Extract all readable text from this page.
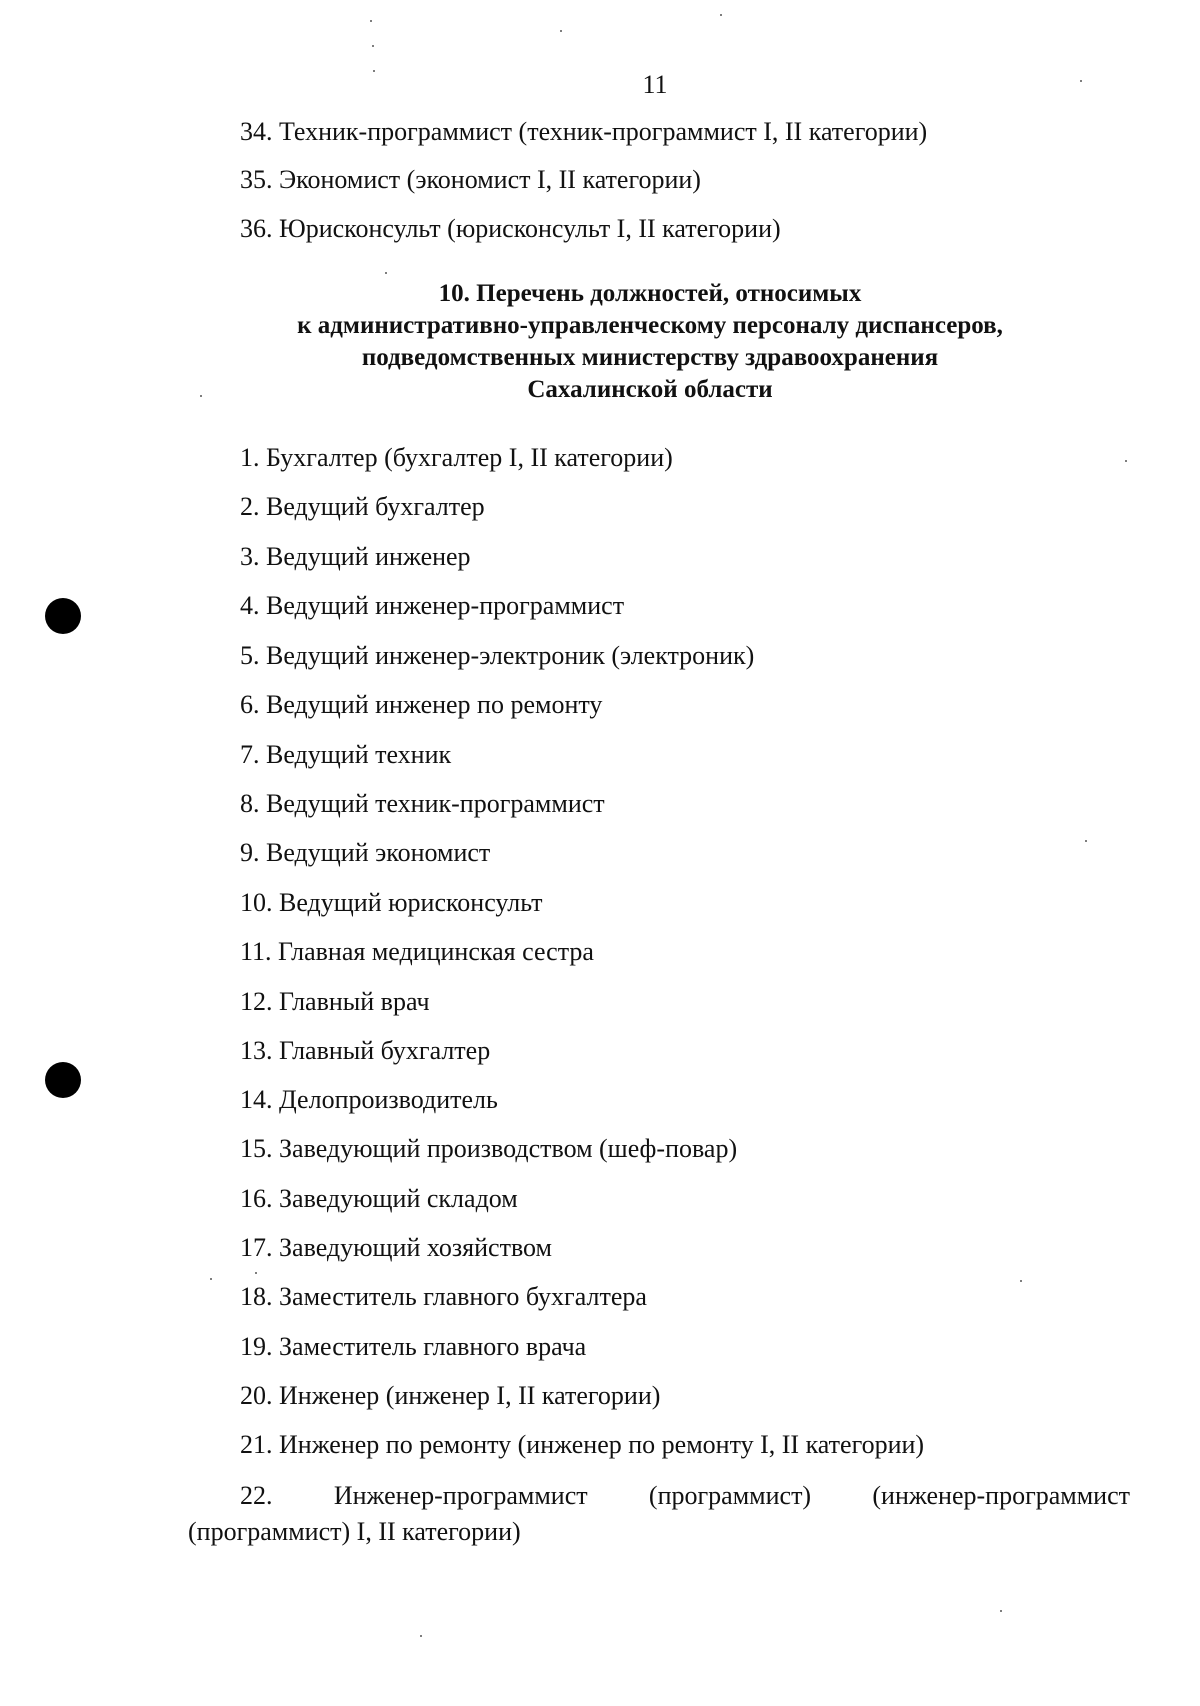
11
34. Техник-программист (техник-программист I, II категории)
35. Экономист (экономист I, II категории)
36. Юрисконсульт (юрисконсульт I, II категории)
10. Перечень должностей, относимых
к административно-управленческому персоналу диспансеров,
подведомственных министерству здравоохранения
Сахалинской области
1. Бухгалтер (бухгалтер I, II категории)
2. Ведущий бухгалтер
3. Ведущий инженер
4. Ведущий инженер-программист
5. Ведущий инженер-электроник (электроник)
6. Ведущий инженер по ремонту
7. Ведущий техник
8. Ведущий техник-программист
9. Ведущий экономист
10. Ведущий юрисконсульт
11. Главная медицинская сестра
12. Главный врач
13. Главный бухгалтер
14. Делопроизводитель
15. Заведующий производством (шеф-повар)
16. Заведующий складом
17. Заведующий хозяйством
18. Заместитель главного бухгалтера
19. Заместитель главного врача
20. Инженер (инженер I, II категории)
21. Инженер по ремонту (инженер по ремонту I, II категории)
22. Инженер-программист (программист) (инженер-программист (программист) I, II категории)
